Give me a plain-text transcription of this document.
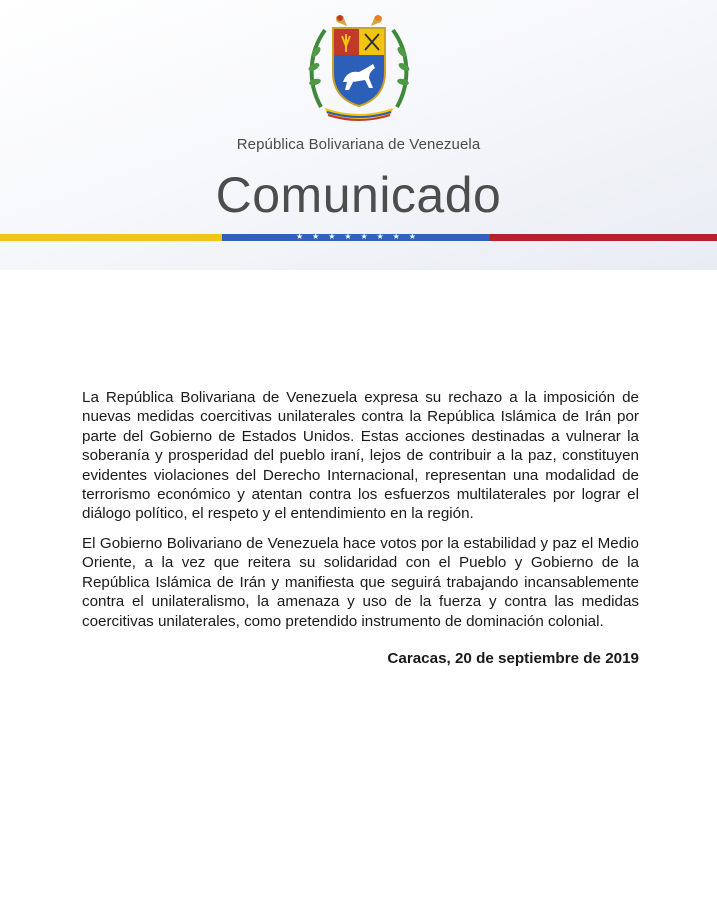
República Bolivariana de Venezuela
Comunicado
★ ★ ★ ★ ★ ★ ★ ★

La República Bolivariana de Venezuela expresa su rechazo a la imposición de nuevas medidas coercitivas unilaterales contra la República Islámica de Irán por parte del Gobierno de Estados Unidos. Estas acciones destinadas a vulnerar la soberanía y prosperidad del pueblo iraní, lejos de contribuir a la paz, constituyen evidentes violaciones del Derecho Internacional, representan una modalidad de terrorismo económico y atentan contra los esfuerzos multilaterales por lograr el diálogo político, el respeto y el entendimiento en la región.

El Gobierno Bolivariano de Venezuela hace votos por la estabilidad y paz el Medio Oriente, a la vez que reitera su solidaridad con el Pueblo y Gobierno de la República Islámica de Irán y manifiesta que seguirá trabajando incansablemente contra el unilateralismo, la amenaza y uso de la fuerza y contra las medidas coercitivas unilaterales, como pretendido instrumento de dominación colonial.

Caracas, 20 de septiembre de 2019
